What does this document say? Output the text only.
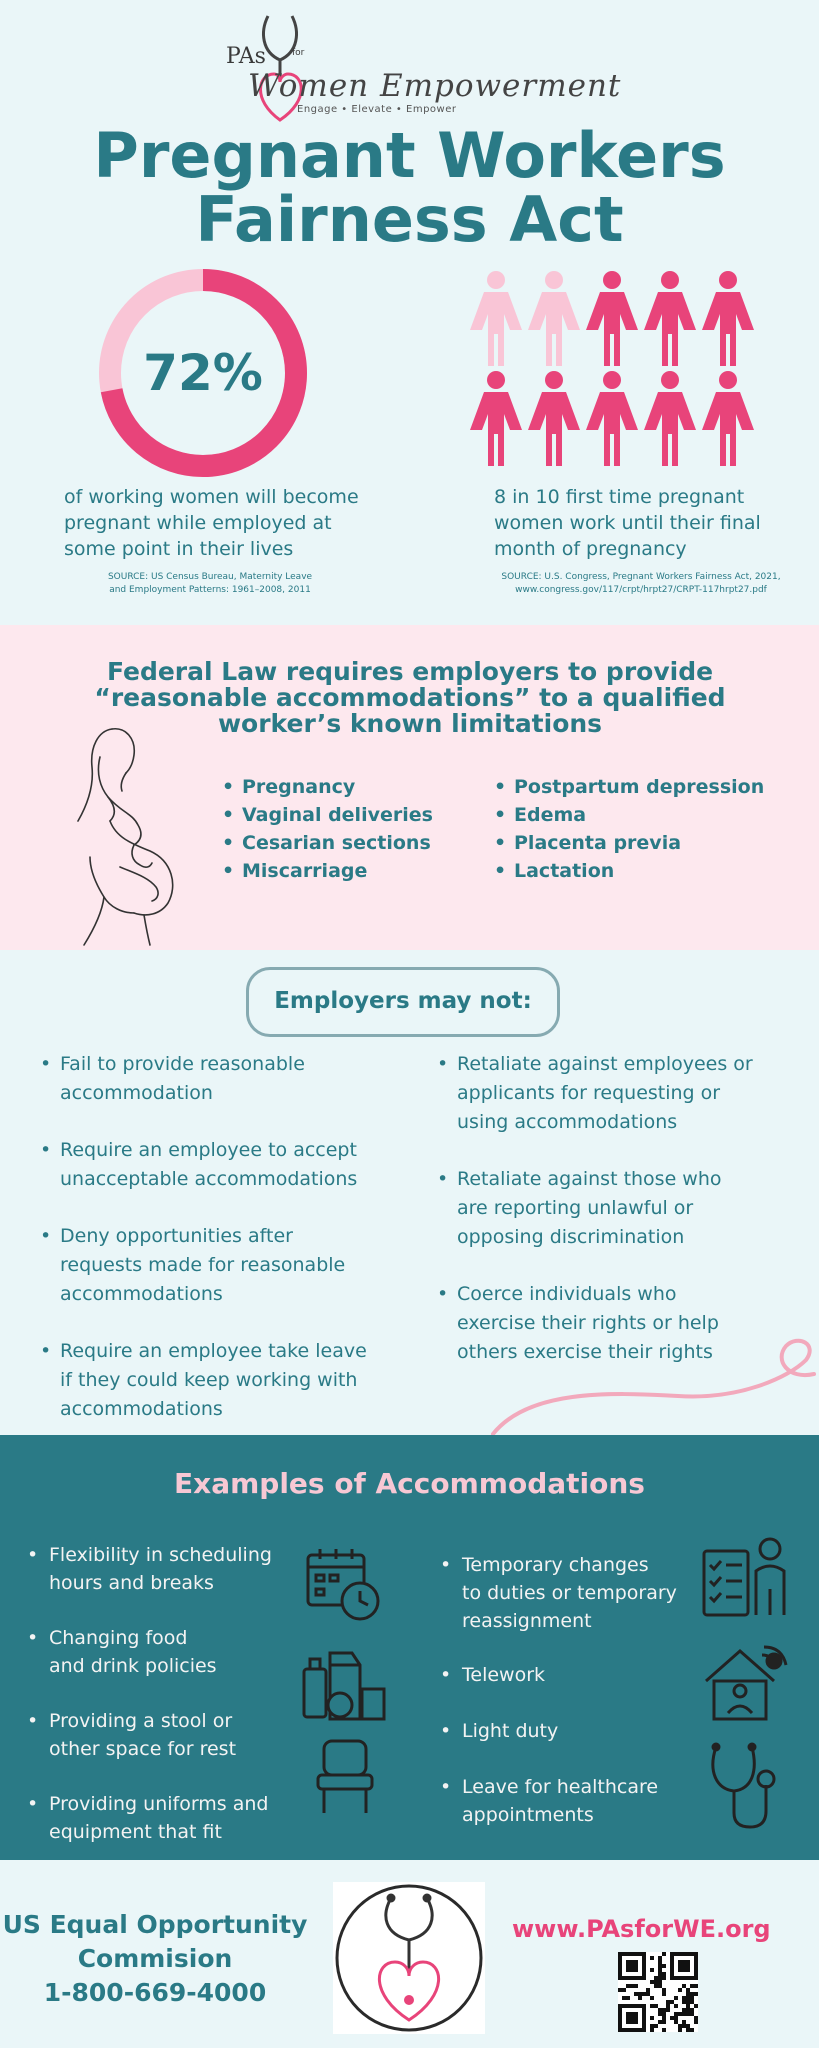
PAs	for
Women Empowerment
Engage • Elevate • Empower
Pregnant Workers
Fairness Act
72%
of working women will become
pregnant while employed at
some point in their lives
8 in 10 first time pregnant
women work until their final
month of pregnancy
SOURCE: US Census Bureau, Maternity Leave
and Employment Patterns: 1961–2008, 2011
SOURCE: U.S. Congress, Pregnant Workers Fairness Act, 2021,
www.congress.gov/117/crpt/hrpt27/CRPT-117hrpt27.pdf
Federal Law requires employers to provide
“reasonable accommodations” to a qualified
worker’s known limitations
• Pregnancy
• Vaginal deliveries
• Cesarian sections
• Miscarriage
• Postpartum depression
• Edema
• Placenta previa
• Lactation
Employers may not:
• Fail to provide reasonable
accommodation
• Require an employee to accept
unacceptable accommodations
• Deny opportunities after
requests made for reasonable
accommodations
• Require an employee take leave
if they could keep working with
accommodations
• Retaliate against employees or
applicants for requesting or
using accommodations
• Retaliate against those who
are reporting unlawful or
opposing discrimination
• Coerce individuals who
exercise their rights or help
others exercise their rights
Examples of Accommodations
• Flexibility in scheduling
hours and breaks
• Changing food
and drink policies
• Providing a stool or
other space for rest
• Providing uniforms and
equipment that fit
• Temporary changes
to duties or temporary
reassignment
• Telework
• Light duty
• Leave for healthcare
appointments
US Equal Opportunity
Commision
1-800-669-4000
www.PAsforWE.org
